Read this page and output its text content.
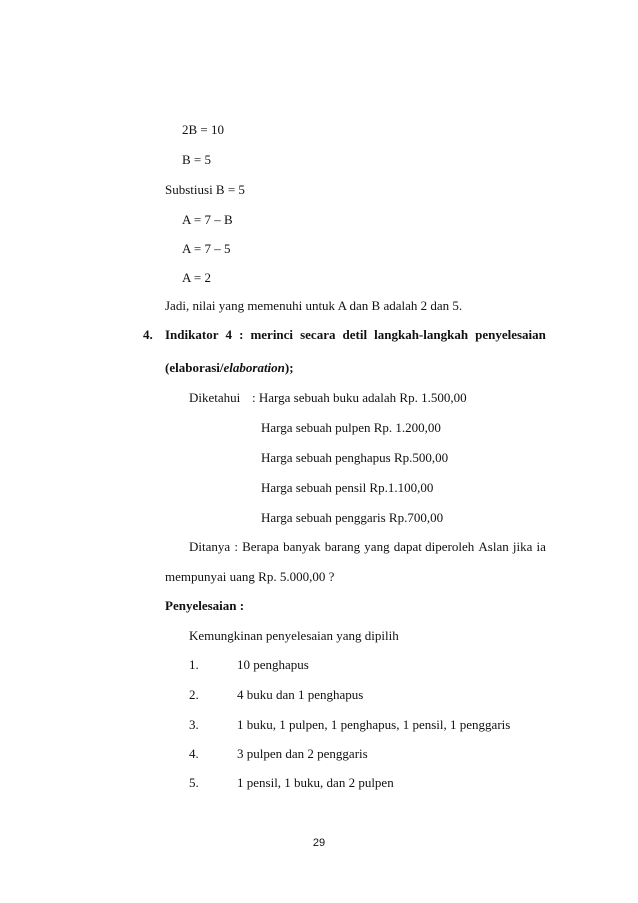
2B = 10
B = 5
Substiusi B = 5
A = 7 – B
A = 7 – 5
A = 2
Jadi, nilai yang memenuhi untuk A dan B adalah 2 dan 5.
4. Indikator 4 : merinci secara detil langkah-langkah penyelesaian
(elaborasi/elaboration);
Diketahui : Harga sebuah buku adalah Rp. 1.500,00
Harga sebuah pulpen Rp. 1.200,00
Harga sebuah penghapus Rp.500,00
Harga sebuah pensil Rp.1.100,00
Harga sebuah penggaris Rp.700,00
Ditanya : Berapa banyak barang yang dapat diperoleh Aslan jika ia
mempunyai uang Rp. 5.000,00 ?
Penyelesaian :
Kemungkinan penyelesaian yang dipilih
1.	10 penghapus
2.	4 buku dan 1 penghapus
3.	1 buku, 1 pulpen, 1 penghapus, 1 pensil, 1 penggaris
4.	3 pulpen dan 2 penggaris
5.	1 pensil, 1 buku, dan 2 pulpen
29
